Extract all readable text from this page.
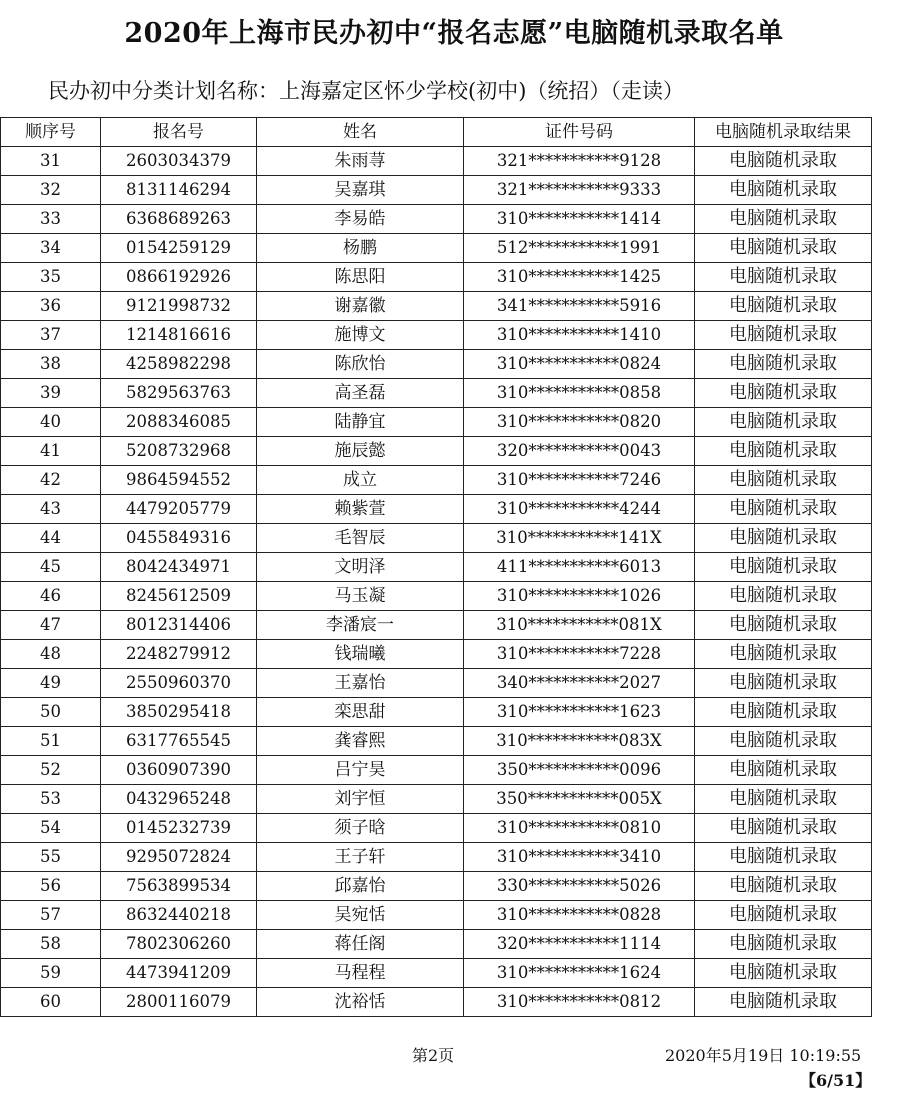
2020年上海市民办初中“报名志愿”电脑随机录取名单
民办初中分类计划名称：上海嘉定区怀少学校(初中)（统招）（走读）
顺序号	报名号	姓名	证件号码	电脑随机录取结果
31	2603034379	朱雨荨	321***********9128	电脑随机录取
32	8131146294	吴嘉琪	321***********9333	电脑随机录取
33	6368689263	李易皓	310***********1414	电脑随机录取
34	0154259129	杨鹏	512***********1991	电脑随机录取
35	0866192926	陈思阳	310***********1425	电脑随机录取
36	9121998732	谢嘉徽	341***********5916	电脑随机录取
37	1214816616	施博文	310***********1410	电脑随机录取
38	4258982298	陈欣怡	310***********0824	电脑随机录取
39	5829563763	高圣磊	310***********0858	电脑随机录取
40	2088346085	陆静宜	310***********0820	电脑随机录取
41	5208732968	施辰懿	320***********0043	电脑随机录取
42	9864594552	成立	310***********7246	电脑随机录取
43	4479205779	赖紫萱	310***********4244	电脑随机录取
44	0455849316	毛智辰	310***********141X	电脑随机录取
45	8042434971	文明泽	411***********6013	电脑随机录取
46	8245612509	马玉凝	310***********1026	电脑随机录取
47	8012314406	李潘宸一	310***********081X	电脑随机录取
48	2248279912	钱瑞曦	310***********7228	电脑随机录取
49	2550960370	王嘉怡	340***********2027	电脑随机录取
50	3850295418	栾思甜	310***********1623	电脑随机录取
51	6317765545	龚睿熙	310***********083X	电脑随机录取
52	0360907390	吕宁昊	350***********0096	电脑随机录取
53	0432965248	刘宇恒	350***********005X	电脑随机录取
54	0145232739	须子晗	310***********0810	电脑随机录取
55	9295072824	王子轩	310***********3410	电脑随机录取
56	7563899534	邱嘉怡	330***********5026	电脑随机录取
57	8632440218	吴宛恬	310***********0828	电脑随机录取
58	7802306260	蒋任阁	320***********1114	电脑随机录取
59	4473941209	马程程	310***********1624	电脑随机录取
60	2800116079	沈裕恬	310***********0812	电脑随机录取
第2页	2020年5月19日 10:19:55
【6/51】
